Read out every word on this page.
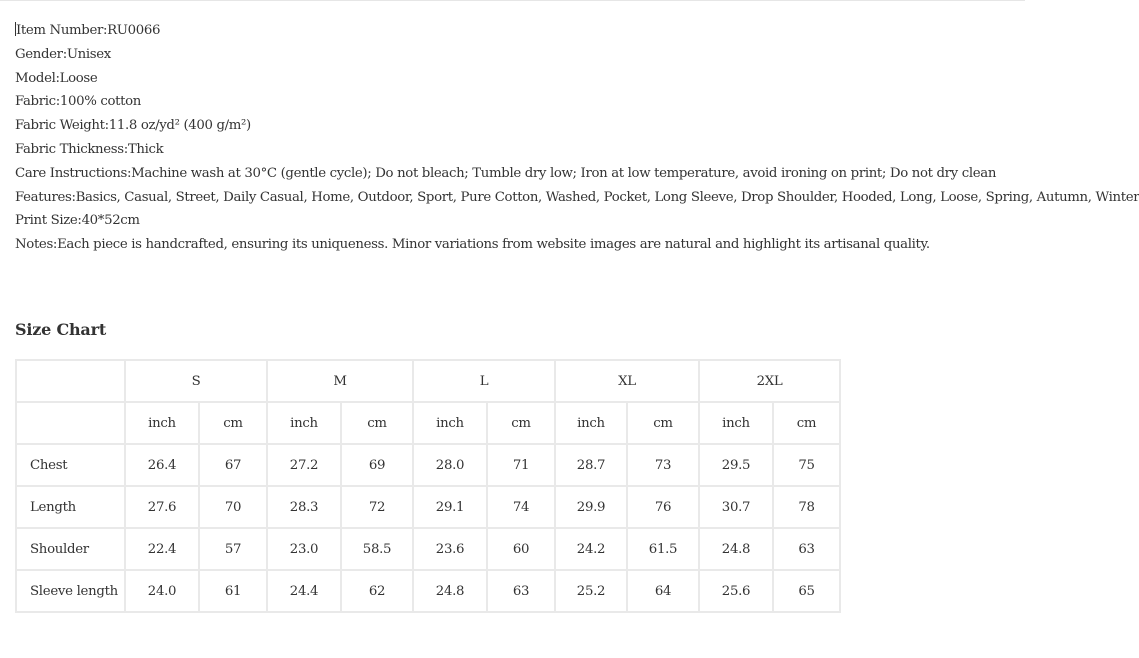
Item Number:RU0066
Gender:Unisex
Model:Loose
Fabric:100% cotton
Fabric Weight:11.8 oz/yd² (400 g/m²)
Fabric Thickness:Thick
Care Instructions:Machine wash at 30°C (gentle cycle); Do not bleach; Tumble dry low; Iron at low temperature, avoid ironing on print; Do not dry clean
Features:Basics, Casual, Street, Daily Casual, Home, Outdoor, Sport, Pure Cotton, Washed, Pocket, Long Sleeve, Drop Shoulder, Hooded, Long, Loose, Spring, Autumn, Winter
Print Size:40*52cm
Notes:Each piece is handcrafted, ensuring its uniqueness. Minor variations from website images are natural and highlight its artisanal quality.
Size Chart
	S		M		L		XL		2XL	
	inch	cm	inch	cm	inch	cm	inch	cm	inch	cm
Chest	26.4	67	27.2	69	28.0	71	28.7	73	29.5	75
Length	27.6	70	28.3	72	29.1	74	29.9	76	30.7	78
Shoulder	22.4	57	23.0	58.5	23.6	60	24.2	61.5	24.8	63
Sleeve length	24.0	61	24.4	62	24.8	63	25.2	64	25.6	65
